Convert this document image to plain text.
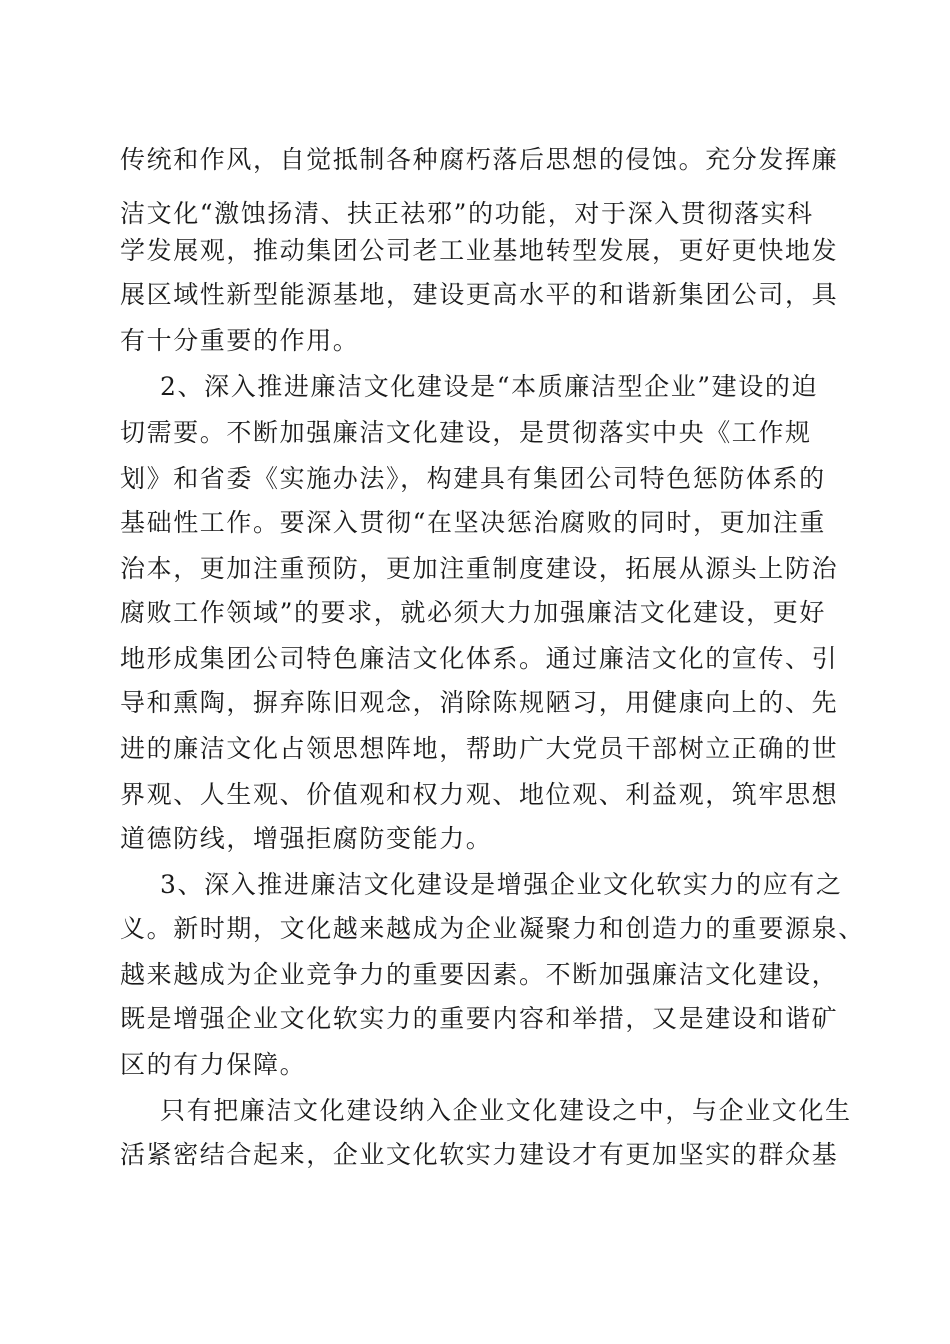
传统和作风，自觉抵制各种腐朽落后思想的侵蚀。充分发挥廉
洁文化“激蚀扬清、扶正祛邪”的功能，对于深入贯彻落实科
学发展观，推动集团公司老工业基地转型发展，更好更快地发
展区域性新型能源基地，建设更高水平的和谐新集团公司，具
有十分重要的作用。
2、深入推进廉洁文化建设是“本质廉洁型企业”建设的迫
切需要。不断加强廉洁文化建设，是贯彻落实中央《工作规
划》和省委《实施办法》，构建具有集团公司特色惩防体系的
基础性工作。要深入贯彻“在坚决惩治腐败的同时，更加注重
治本，更加注重预防，更加注重制度建设，拓展从源头上防治
腐败工作领域”的要求，就必须大力加强廉洁文化建设，更好
地形成集团公司特色廉洁文化体系。通过廉洁文化的宣传、引
导和熏陶，摒弃陈旧观念，消除陈规陋习，用健康向上的、先
进的廉洁文化占领思想阵地，帮助广大党员干部树立正确的世
界观、人生观、价值观和权力观、地位观、利益观，筑牢思想
道德防线，增强拒腐防变能力。
3、深入推进廉洁文化建设是增强企业文化软实力的应有之
义。新时期，文化越来越成为企业凝聚力和创造力的重要源泉、
越来越成为企业竞争力的重要因素。不断加强廉洁文化建设，
既是增强企业文化软实力的重要内容和举措，又是建设和谐矿
区的有力保障。
只有把廉洁文化建设纳入企业文化建设之中，与企业文化生
活紧密结合起来，企业文化软实力建设才有更加坚实的群众基
